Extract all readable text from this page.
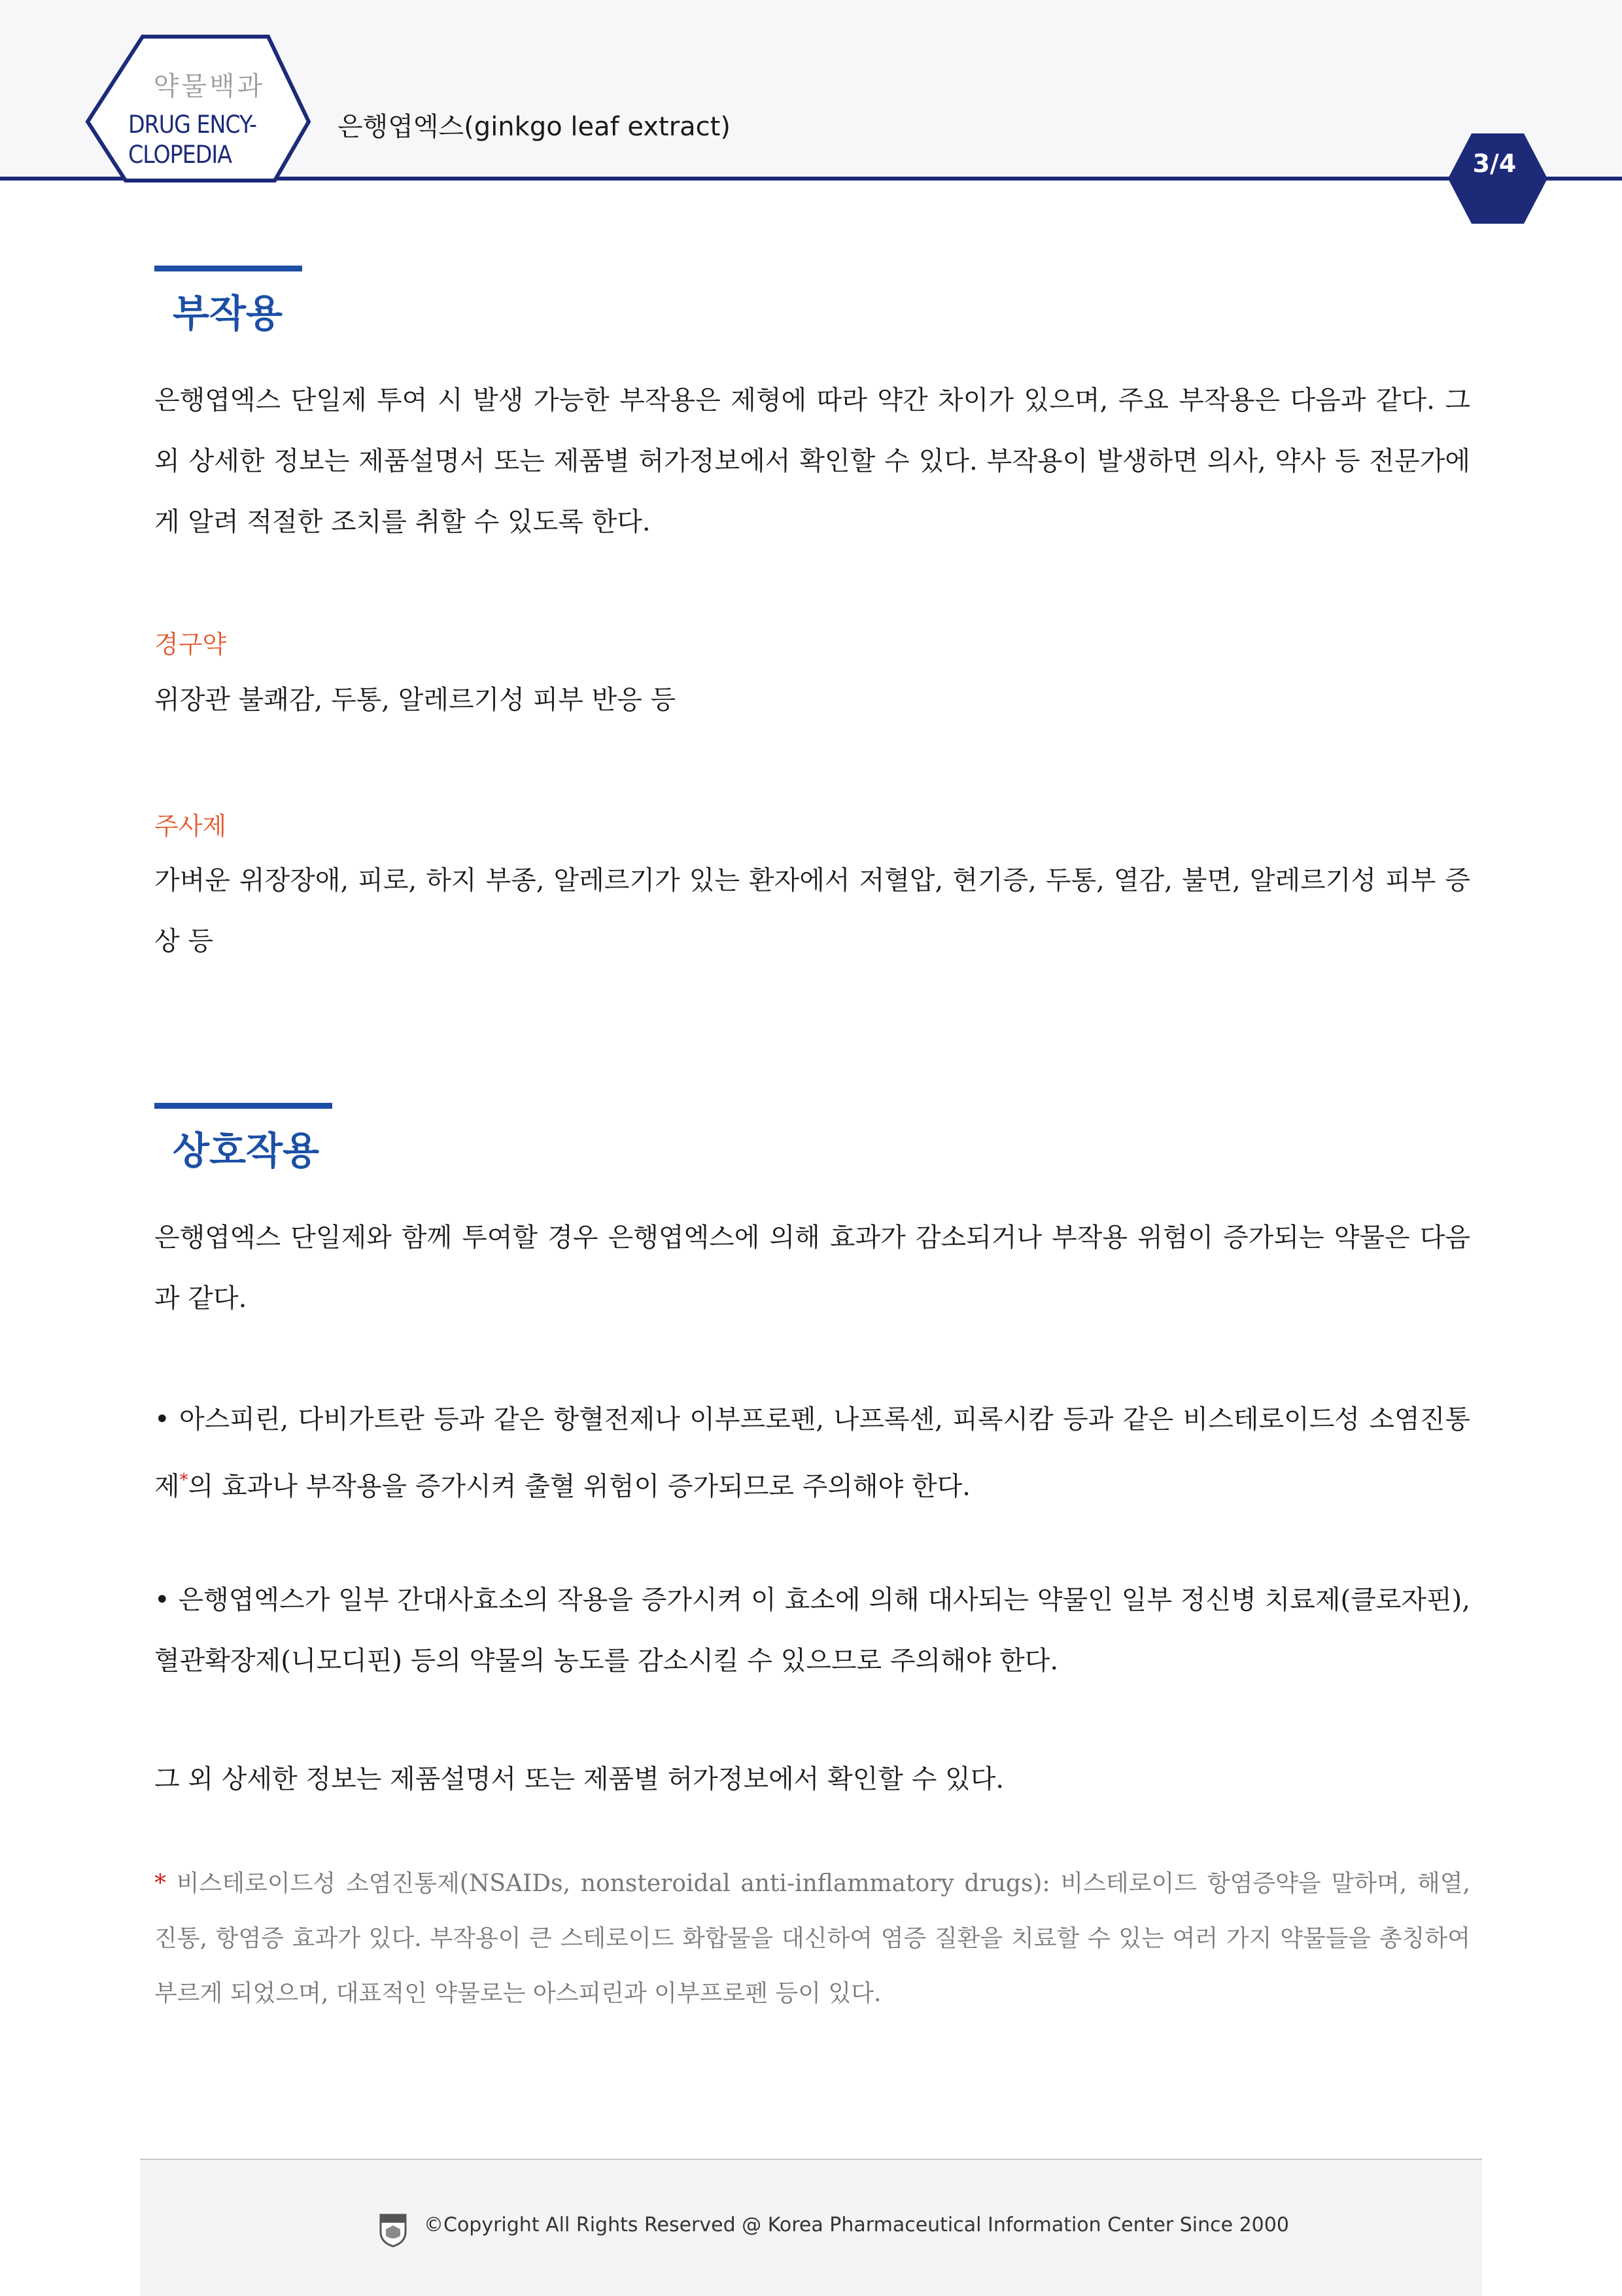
약물백과
DRUG ENCY-
CLOPEDIA
은행엽엑스(ginkgo leaf extract)
3/4
부작용

은행엽엑스 단일제 투여 시 발생 가능한 부작용은 제형에 따라 약간 차이가 있으며, 주요 부작용은 다음과 같다. 그 외 상세한 정보는 제품설명서 또는 제품별 허가정보에서 확인할 수 있다. 부작용이 발생하면 의사, 약사 등 전문가에게 알려 적절한 조치를 취할 수 있도록 한다.

경구약

위장관 불쾌감, 두통, 알레르기성 피부 반응 등

주사제

가벼운 위장장애, 피로, 하지 부종, 알레르기가 있는 환자에서 저혈압, 현기증, 두통, 열감, 불면, 알레르기성 피부 증상 등

상호작용

은행엽엑스 단일제와 함께 투여할 경우 은행엽엑스에 의해 효과가 감소되거나 부작용 위험이 증가되는 약물은 다음과 같다.

• 아스피린, 다비가트란 등과 같은 항혈전제나 이부프로펜, 나프록센, 피록시캄 등과 같은 비스테로이드성 소염진통제*의 효과나 부작용을 증가시켜 출혈 위험이 증가되므로 주의해야 한다.

• 은행엽엑스가 일부 간대사효소의 작용을 증가시켜 이 효소에 의해 대사되는 약물인 일부 정신병 치료제(클로자핀), 혈관확장제(니모디핀) 등의 약물의 농도를 감소시킬 수 있으므로 주의해야 한다.

그 외 상세한 정보는 제품설명서 또는 제품별 허가정보에서 확인할 수 있다.

* 비스테로이드성 소염진통제(NSAIDs, nonsteroidal anti-inflammatory drugs): 비스테로이드 항염증약을 말하며, 해열, 진통, 항염증 효과가 있다. 부작용이 큰 스테로이드 화합물을 대신하여 염증 질환을 치료할 수 있는 여러 가지 약물들을 총칭하여 부르게 되었으며, 대표적인 약물로는 아스피린과 이부프로펜 등이 있다.

©Copyright All Rights Reserved @ Korea Pharmaceutical Information Center Since 2000
